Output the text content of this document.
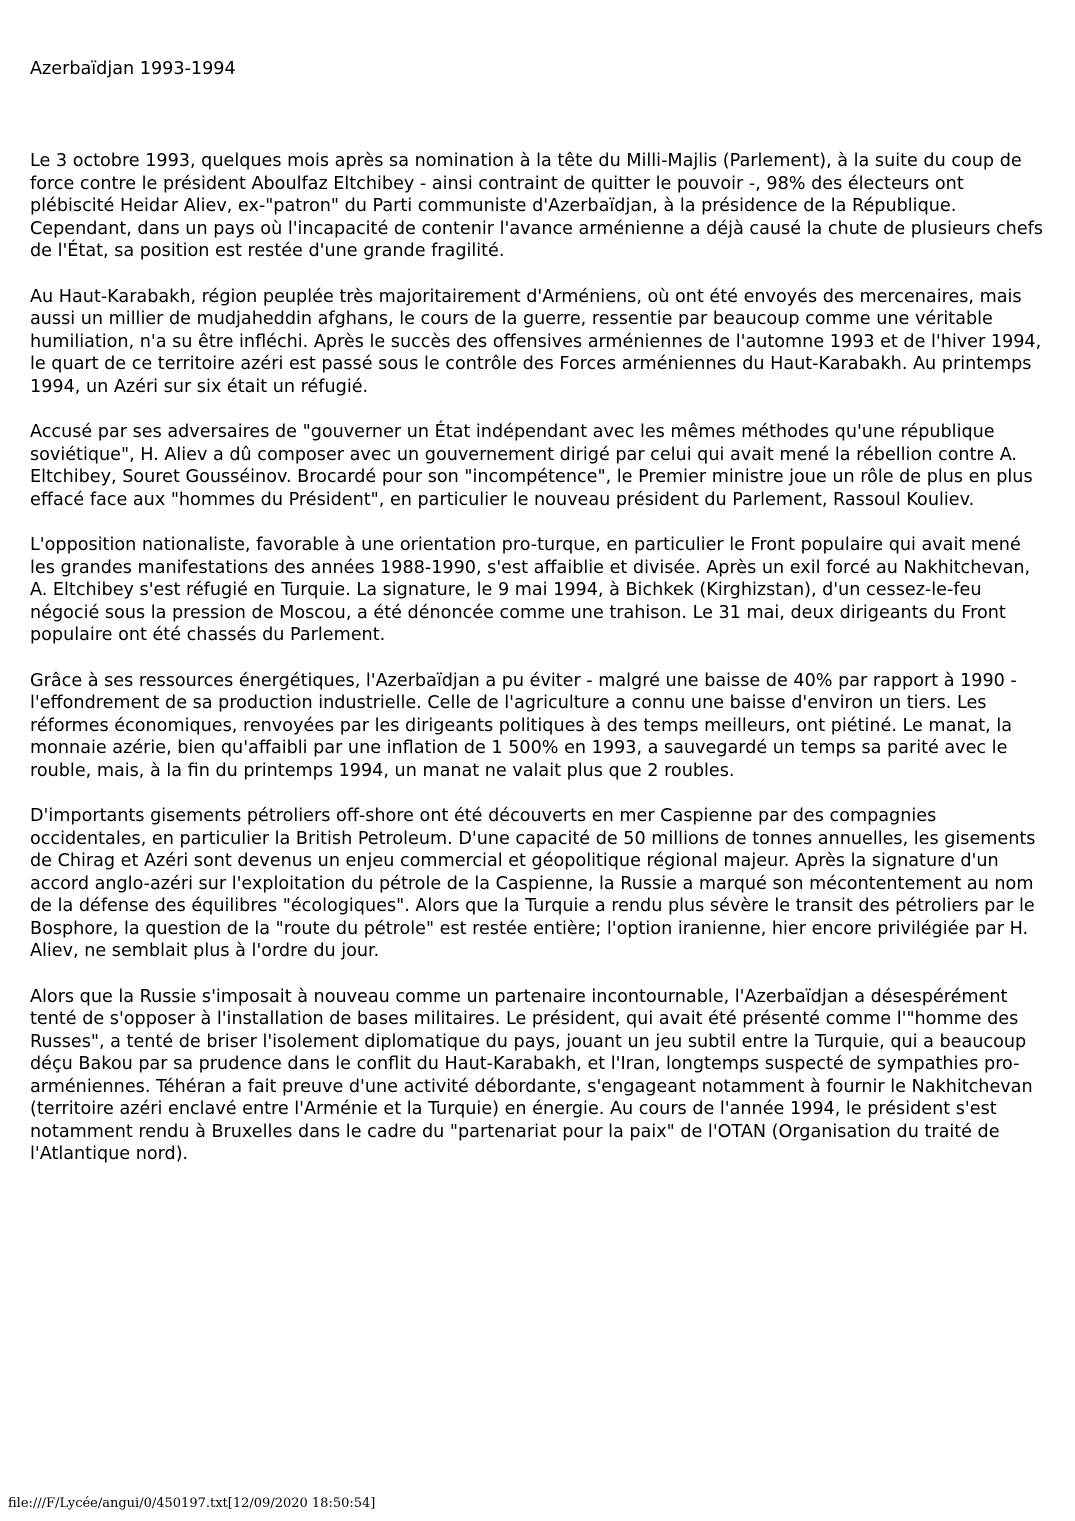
Azerbaïdjan 1993-1994

Le 3 octobre 1993, quelques mois après sa nomination à la tête du Milli-Majlis (Parlement), à la suite du coup de force contre le président Aboulfaz Eltchibey - ainsi contraint de quitter le pouvoir -, 98% des électeurs ont plébiscité Heidar Aliev, ex-"patron" du Parti communiste d'Azerbaïdjan, à la présidence de la République. Cependant, dans un pays où l'incapacité de contenir l'avance arménienne a déjà causé la chute de plusieurs chefs de l'État, sa position est restée d'une grande fragilité.

Au Haut-Karabakh, région peuplée très majoritairement d'Arméniens, où ont été envoyés des mercenaires, mais aussi un millier de mudjaheddin afghans, le cours de la guerre, ressentie par beaucoup comme une véritable humiliation, n'a su être infléchi. Après le succès des offensives arméniennes de l'automne 1993 et de l'hiver 1994, le quart de ce territoire azéri est passé sous le contrôle des Forces arméniennes du Haut-Karabakh. Au printemps 1994, un Azéri sur six était un réfugié.

Accusé par ses adversaires de "gouverner un État indépendant avec les mêmes méthodes qu'une république soviétique", H. Aliev a dû composer avec un gouvernement dirigé par celui qui avait mené la rébellion contre A. Eltchibey, Souret Gousséinov. Brocardé pour son "incompétence", le Premier ministre joue un rôle de plus en plus effacé face aux "hommes du Président", en particulier le nouveau président du Parlement, Rassoul Kouliev.

L'opposition nationaliste, favorable à une orientation pro-turque, en particulier le Front populaire qui avait mené les grandes manifestations des années 1988-1990, s'est affaiblie et divisée. Après un exil forcé au Nakhitchevan, A. Eltchibey s'est réfugié en Turquie. La signature, le 9 mai 1994, à Bichkek (Kirghizstan), d'un cessez-le-feu négocié sous la pression de Moscou, a été dénoncée comme une trahison. Le 31 mai, deux dirigeants du Front populaire ont été chassés du Parlement.

Grâce à ses ressources énergétiques, l'Azerbaïdjan a pu éviter - malgré une baisse de 40% par rapport à 1990 - l'effondrement de sa production industrielle. Celle de l'agriculture a connu une baisse d'environ un tiers. Les réformes économiques, renvoyées par les dirigeants politiques à des temps meilleurs, ont piétiné. Le manat, la monnaie azérie, bien qu'affaibli par une inflation de 1 500% en 1993, a sauvegardé un temps sa parité avec le rouble, mais, à la fin du printemps 1994, un manat ne valait plus que 2 roubles.

D'importants gisements pétroliers off-shore ont été découverts en mer Caspienne par des compagnies occidentales, en particulier la British Petroleum. D'une capacité de 50 millions de tonnes annuelles, les gisements de Chirag et Azéri sont devenus un enjeu commercial et géopolitique régional majeur. Après la signature d'un accord anglo-azéri sur l'exploitation du pétrole de la Caspienne, la Russie a marqué son mécontentement au nom de la défense des équilibres "écologiques". Alors que la Turquie a rendu plus sévère le transit des pétroliers par le Bosphore, la question de la "route du pétrole" est restée entière; l'option iranienne, hier encore privilégiée par H. Aliev, ne semblait plus à l'ordre du jour.

Alors que la Russie s'imposait à nouveau comme un partenaire incontournable, l'Azerbaïdjan a désespérément tenté de s'opposer à l'installation de bases militaires. Le président, qui avait été présenté comme l'"homme des Russes", a tenté de briser l'isolement diplomatique du pays, jouant un jeu subtil entre la Turquie, qui a beaucoup déçu Bakou par sa prudence dans le conflit du Haut-Karabakh, et l'Iran, longtemps suspecté de sympathies pro-arméniennes. Téhéran a fait preuve d'une activité débordante, s'engageant notamment à fournir le Nakhitchevan (territoire azéri enclavé entre l'Arménie et la Turquie) en énergie. Au cours de l'année 1994, le président s'est notamment rendu à Bruxelles dans le cadre du "partenariat pour la paix" de l'OTAN (Organisation du traité de l'Atlantique nord).

file:///F/Lycée/angui/0/450197.txt[12/09/2020 18:50:54]
